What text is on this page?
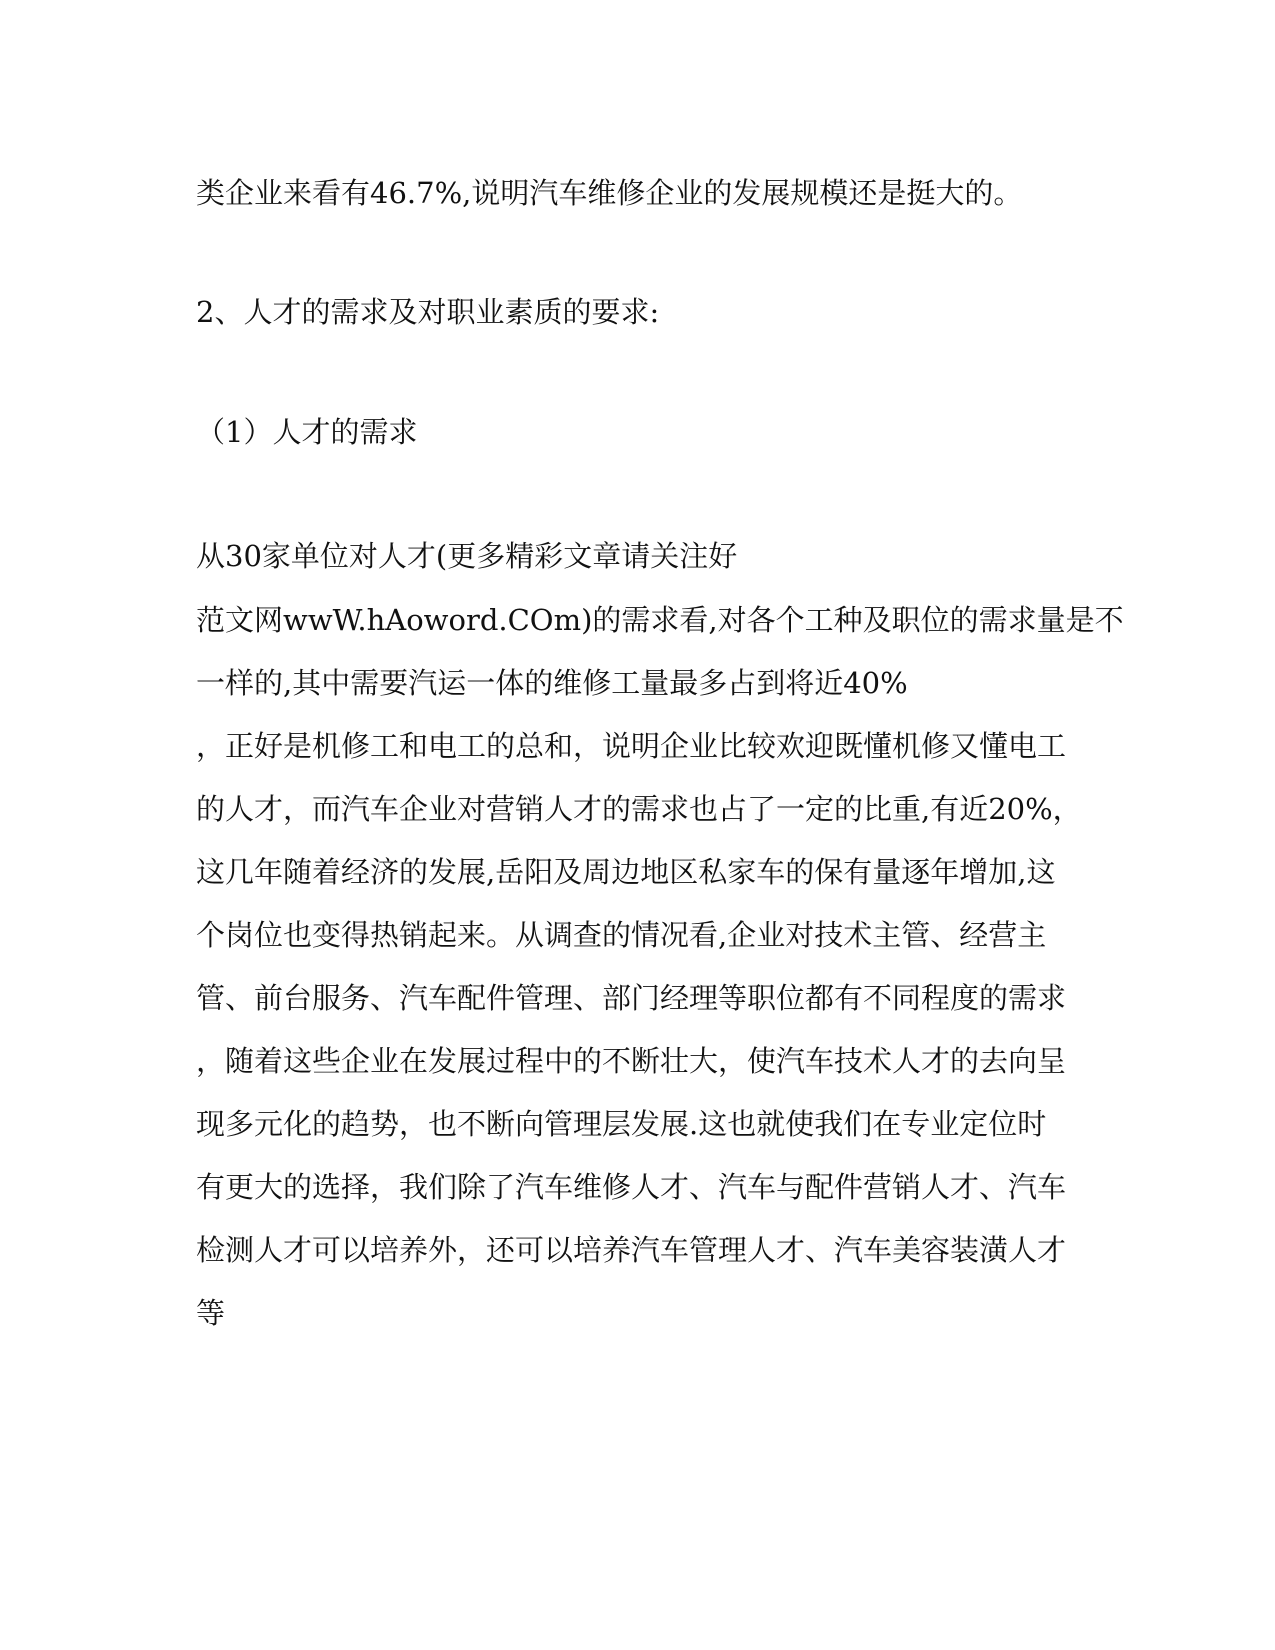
类企业来看有46.7%,说明汽车维修企业的发展规模还是挺大的。
2、人才的需求及对职业素质的要求:
（1）人才的需求
从30家单位对人才(更多精彩文章请关注好
范文网wwW.hAoword.COm)的需求看,对各个工种及职位的需求量是不
一样的,其中需要汽运一体的维修工量最多占到将近40%
，正好是机修工和电工的总和，说明企业比较欢迎既懂机修又懂电工
的人才，而汽车企业对营销人才的需求也占了一定的比重,有近20%，
这几年随着经济的发展,岳阳及周边地区私家车的保有量逐年增加,这
个岗位也变得热销起来。从调查的情况看,企业对技术主管、经营主
管、前台服务、汽车配件管理、部门经理等职位都有不同程度的需求
，随着这些企业在发展过程中的不断壮大，使汽车技术人才的去向呈
现多元化的趋势，也不断向管理层发展.这也就使我们在专业定位时
有更大的选择，我们除了汽车维修人才、汽车与配件营销人才、汽车
检测人才可以培养外，还可以培养汽车管理人才、汽车美容装潢人才
等
